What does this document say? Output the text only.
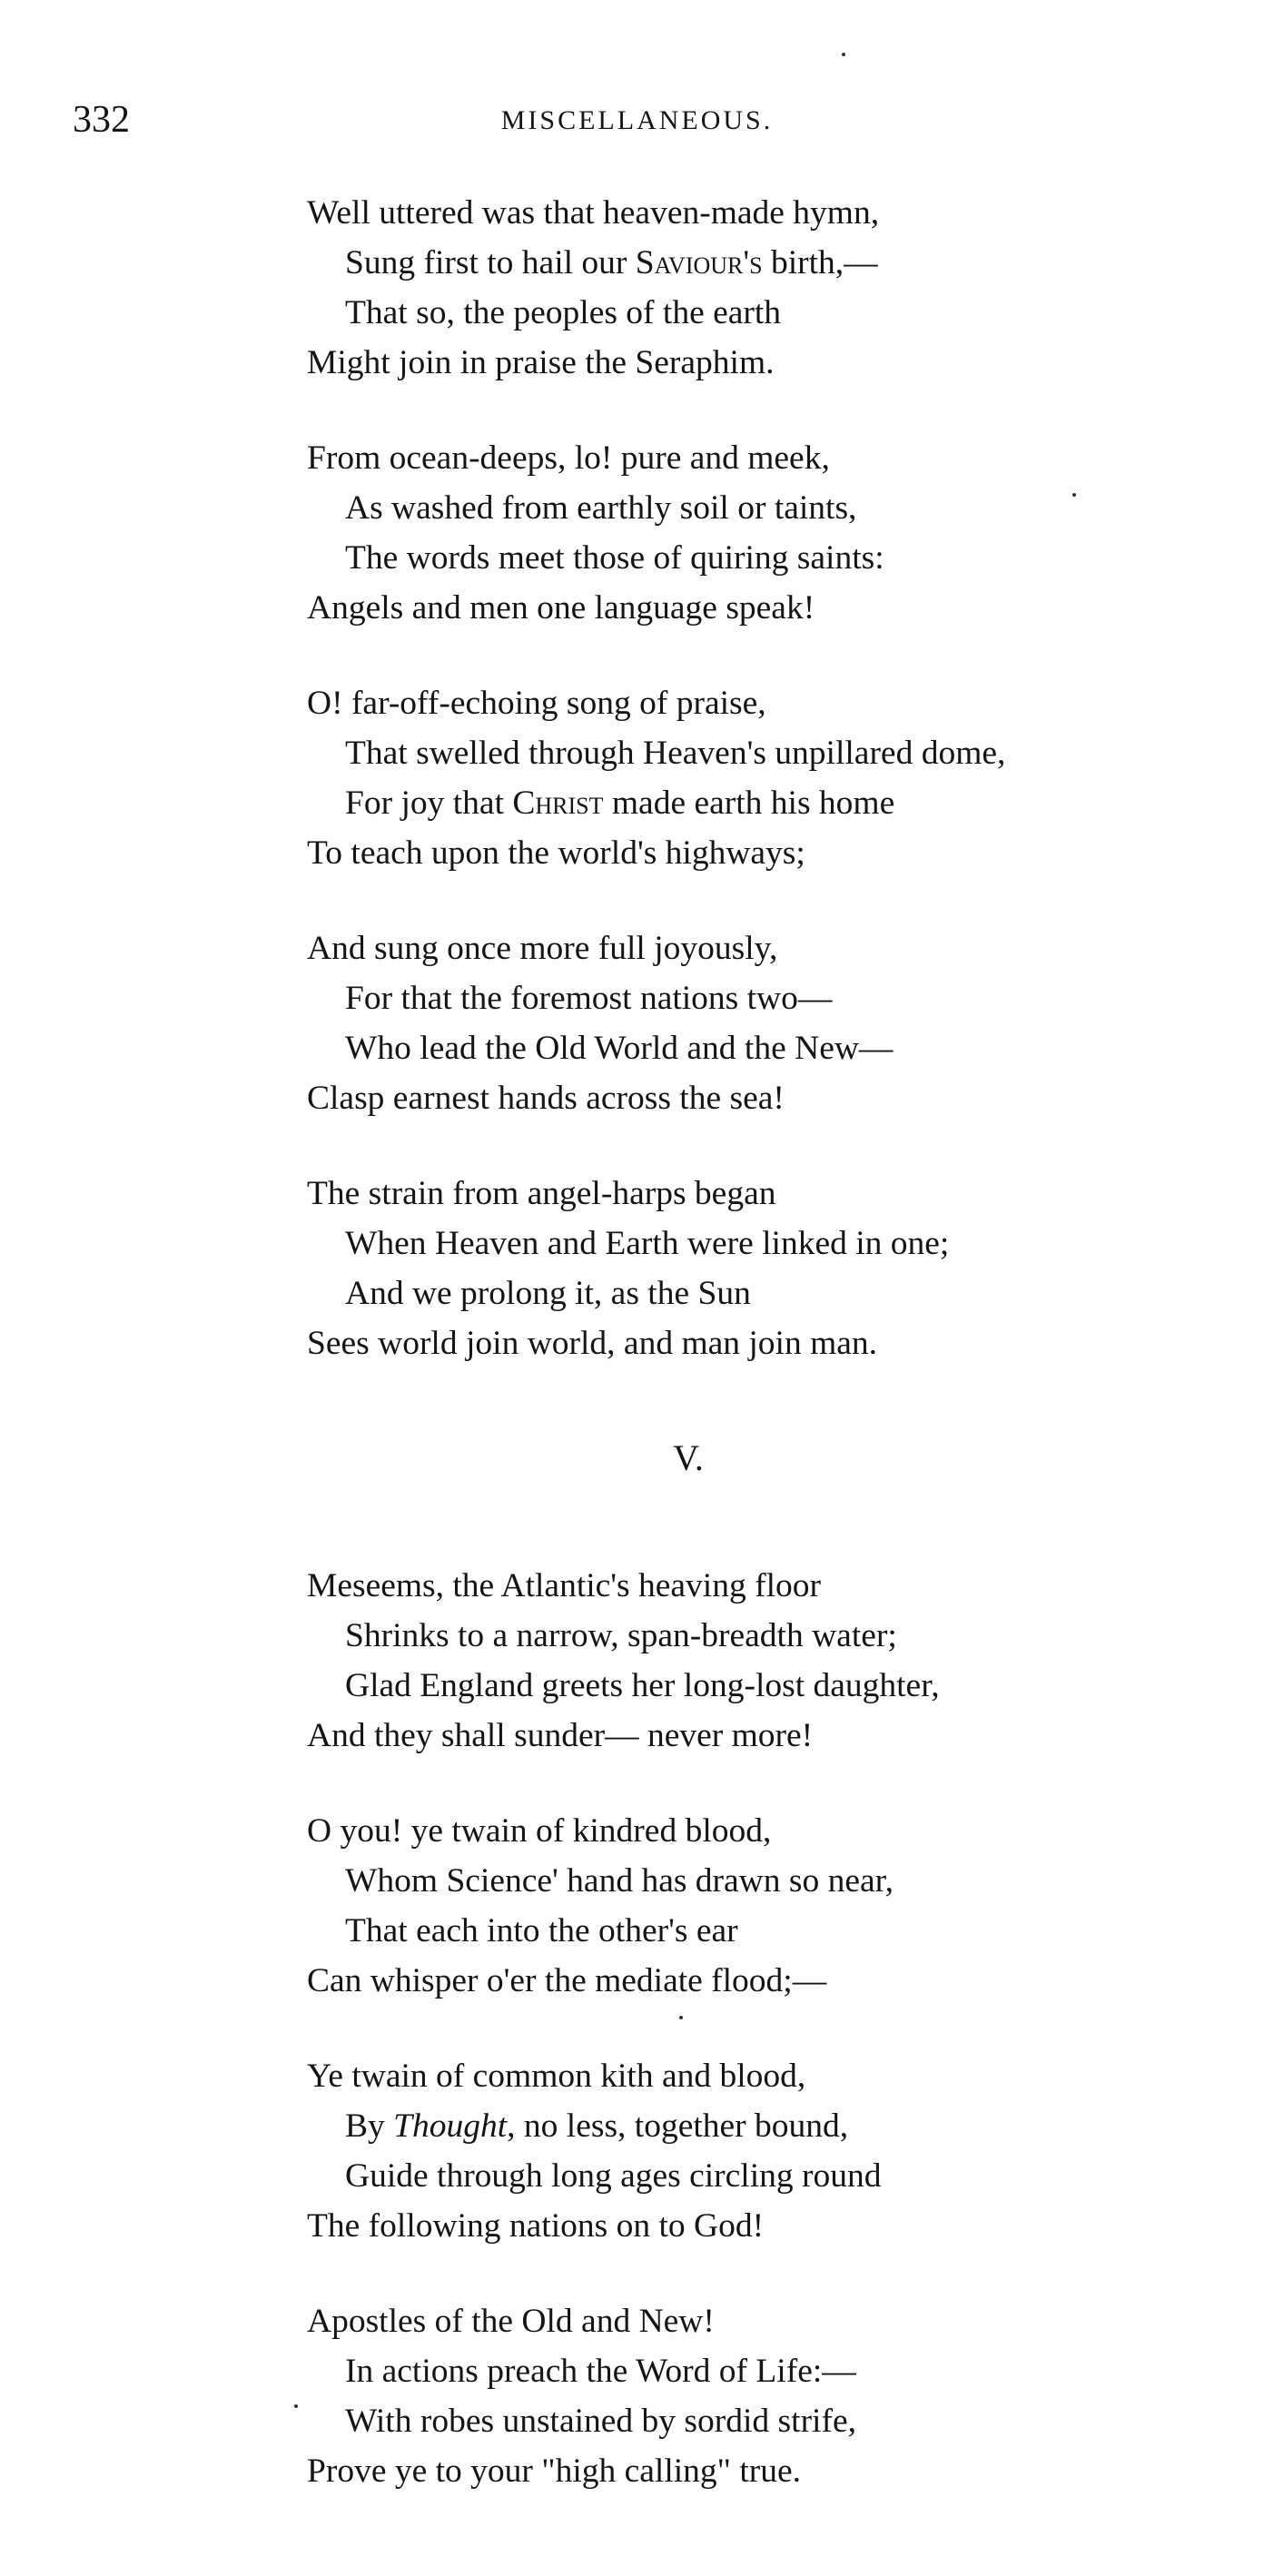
332	MISCELLANEOUS.
Well uttered was that heaven-made hymn,
Sung first to hail our Saviour's birth,—
That so, the peoples of the earth
Might join in praise the Seraphim.
From ocean-deeps, lo! pure and meek,
As washed from earthly soil or taints,
The words meet those of quiring saints:
Angels and men one language speak!
O! far-off-echoing song of praise,
That swelled through Heaven's unpillared dome,
For joy that Christ made earth his home
To teach upon the world's highways;
And sung once more full joyously,
For that the foremost nations two—
Who lead the Old World and the New—
Clasp earnest hands across the sea!
The strain from angel-harps began
When Heaven and Earth were linked in one;
And we prolong it, as the Sun
Sees world join world, and man join man.
V.
Meseems, the Atlantic's heaving floor
Shrinks to a narrow, span-breadth water;
Glad England greets her long-lost daughter,
And they shall sunder— never more!
O you! ye twain of kindred blood,
Whom Science' hand has drawn so near,
That each into the other's ear
Can whisper o'er the mediate flood;—
Ye twain of common kith and blood,
By Thought, no less, together bound,
Guide through long ages circling round
The following nations on to God!
Apostles of the Old and New!
In actions preach the Word of Life:—
With robes unstained by sordid strife,
Prove ye to your "high calling" true.
